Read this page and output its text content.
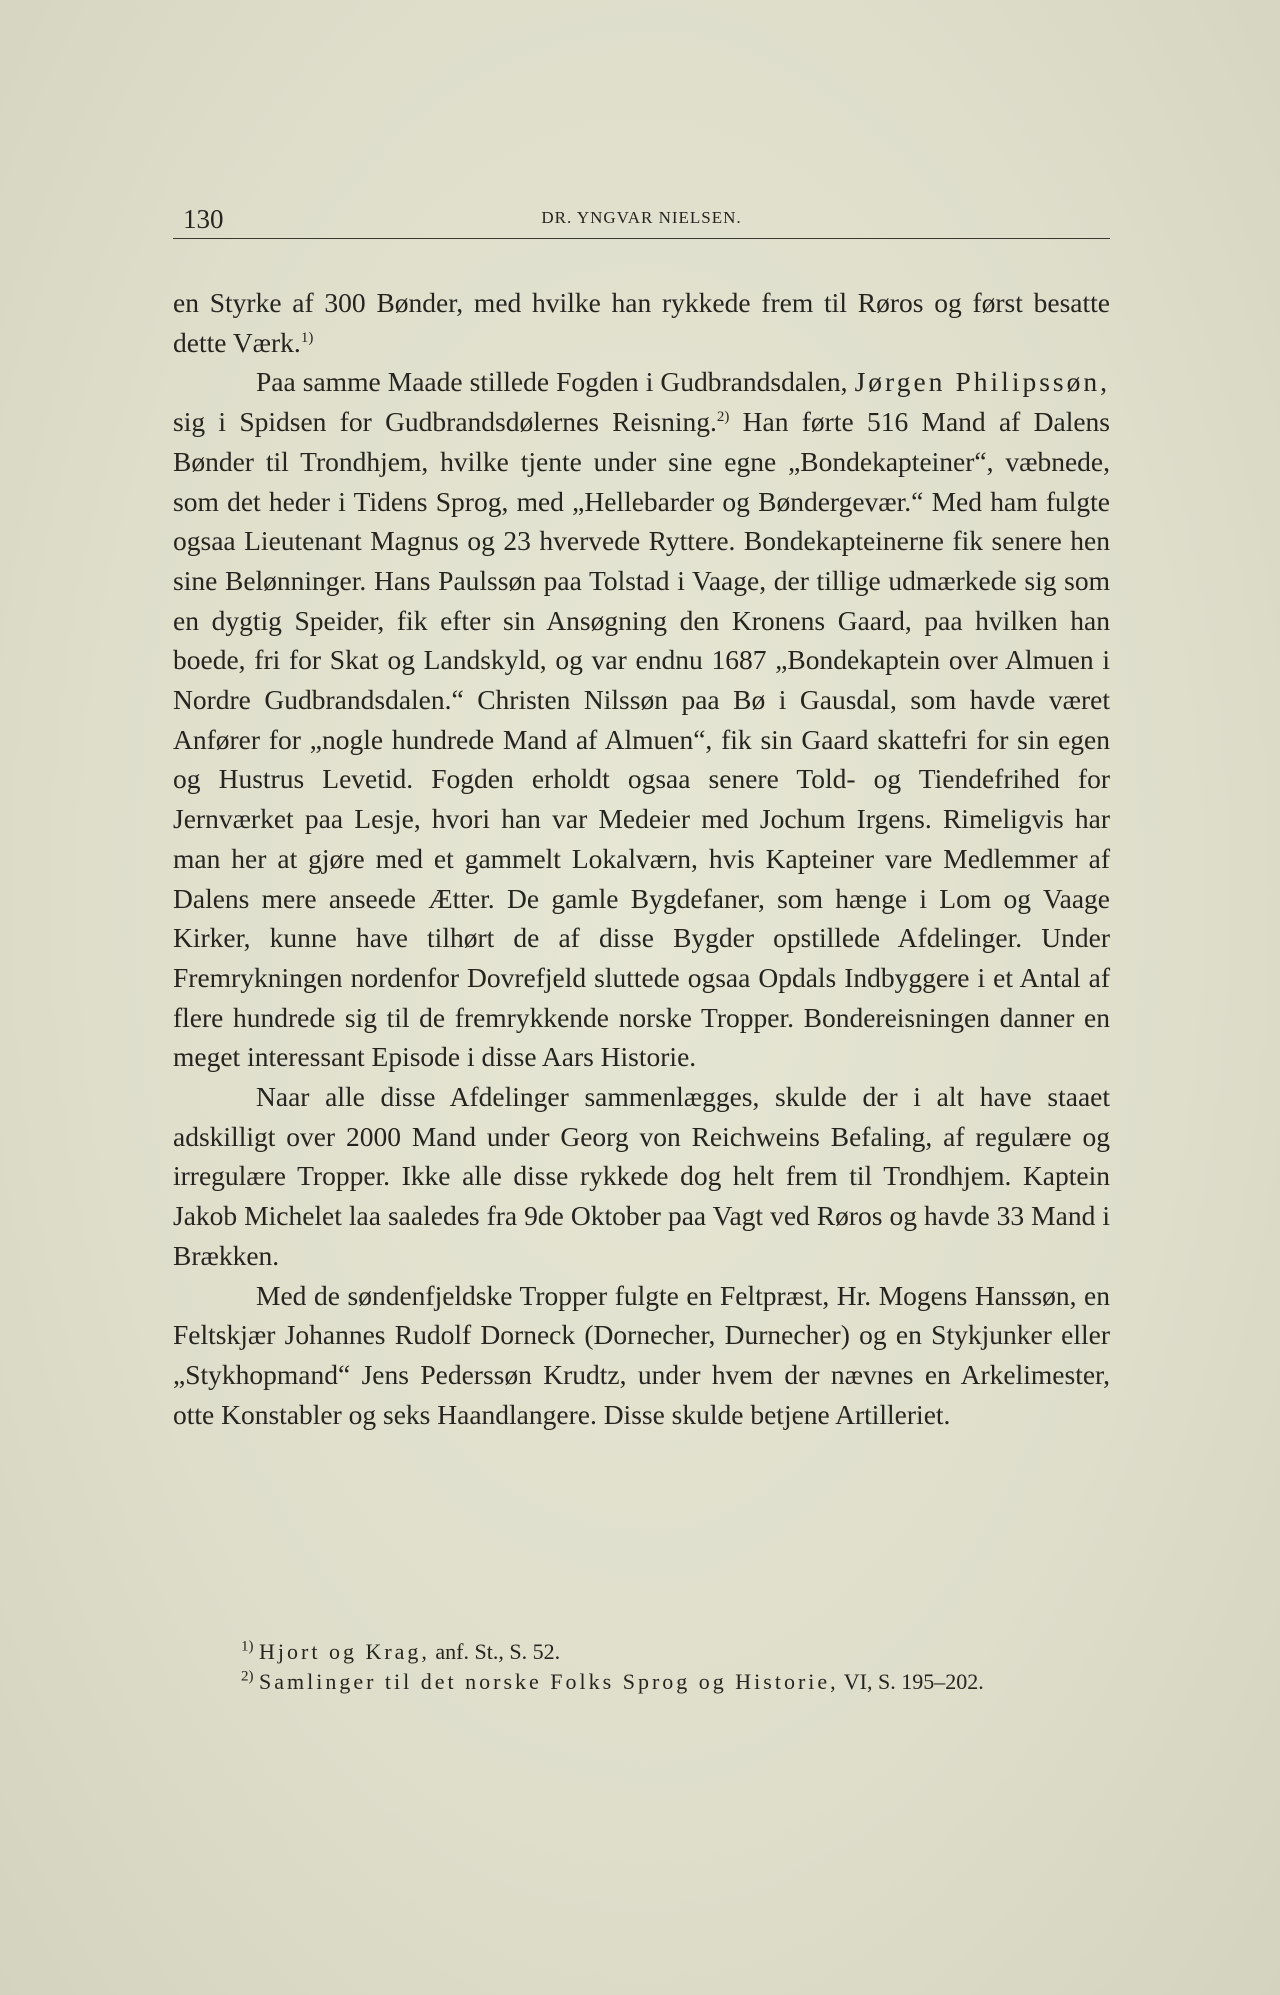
130	DR. YNGVAR NIELSEN.

en Styrke af 300 Bønder, med hvilke han rykkede frem til Røros og først besatte dette Værk.$^{1)}$

Paa samme Maade stillede Fogden i Gudbrandsdalen, Jørgen Philipssøn, sig i Spidsen for Gudbrandsdølernes Reisning.$^{2)}$ Han førte 516 Mand af Dalens Bønder til Trondhjem, hvilke tjente under sine egne „Bondekapteiner“, væbnede, som det heder i Tidens Sprog, med „Hellebarder og Bøndergevær.“ Med ham fulgte ogsaa Lieutenant Magnus og 23 hvervede Ryttere. Bondekapteinerne fik senere hen sine Belønninger. Hans Paulssøn paa Tolstad i Vaage, der tillige udmærkede sig som en dygtig Speider, fik efter sin Ansøgning den Kronens Gaard, paa hvilken han boede, fri for Skat og Landskyld, og var endnu 1687 „Bondekaptein over Almuen i Nordre Gudbrandsdalen.“ Christen Nilssøn paa Bø i Gausdal, som havde været Anfører for „nogle hundrede Mand af Almuen“, fik sin Gaard skattefri for sin egen og Hustrus Levetid. Fogden erholdt ogsaa senere Told- og Tiendefrihed for Jernværket paa Lesje, hvori han var Medeier med Jochum Irgens. Rimeligvis har man her at gjøre med et gammelt Lokalværn, hvis Kapteiner vare Medlemmer af Dalens mere anseede Ætter. De gamle Bygdefaner, som hænge i Lom og Vaage Kirker, kunne have tilhørt de af disse Bygder opstillede Afdelinger. Under Fremrykningen nordenfor Dovrefjeld sluttede ogsaa Opdals Indbyggere i et Antal af flere hundrede sig til de fremrykkende norske Tropper. Bondereisningen danner en meget interessant Episode i disse Aars Historie.

Naar alle disse Afdelinger sammenlægges, skulde der i alt have staaet adskilligt over 2000 Mand under Georg von Reichweins Befaling, af regulære og irregulære Tropper. Ikke alle disse rykkede dog helt frem til Trondhjem. Kaptein Jakob Michelet laa saaledes fra 9de Oktober paa Vagt ved Røros og havde 33 Mand i Brækken.

Med de søndenfjeldske Tropper fulgte en Feltpræst, Hr. Mogens Hanssøn, en Feltskjær Johannes Rudolf Dorneck (Dornecher, Durnecher) og en Stykjunker eller „Stykhopmand“ Jens Pederssøn Krudtz, under hvem der nævnes en Arkelimester, otte Konstabler og seks Haandlangere. Disse skulde betjene Artilleriet.

$^{1)}$ Hjort og Krag, anf. St., S. 52.

$^{2)}$ Samlinger til det norske Folks Sprog og Historie, VI, S. 195–202.
